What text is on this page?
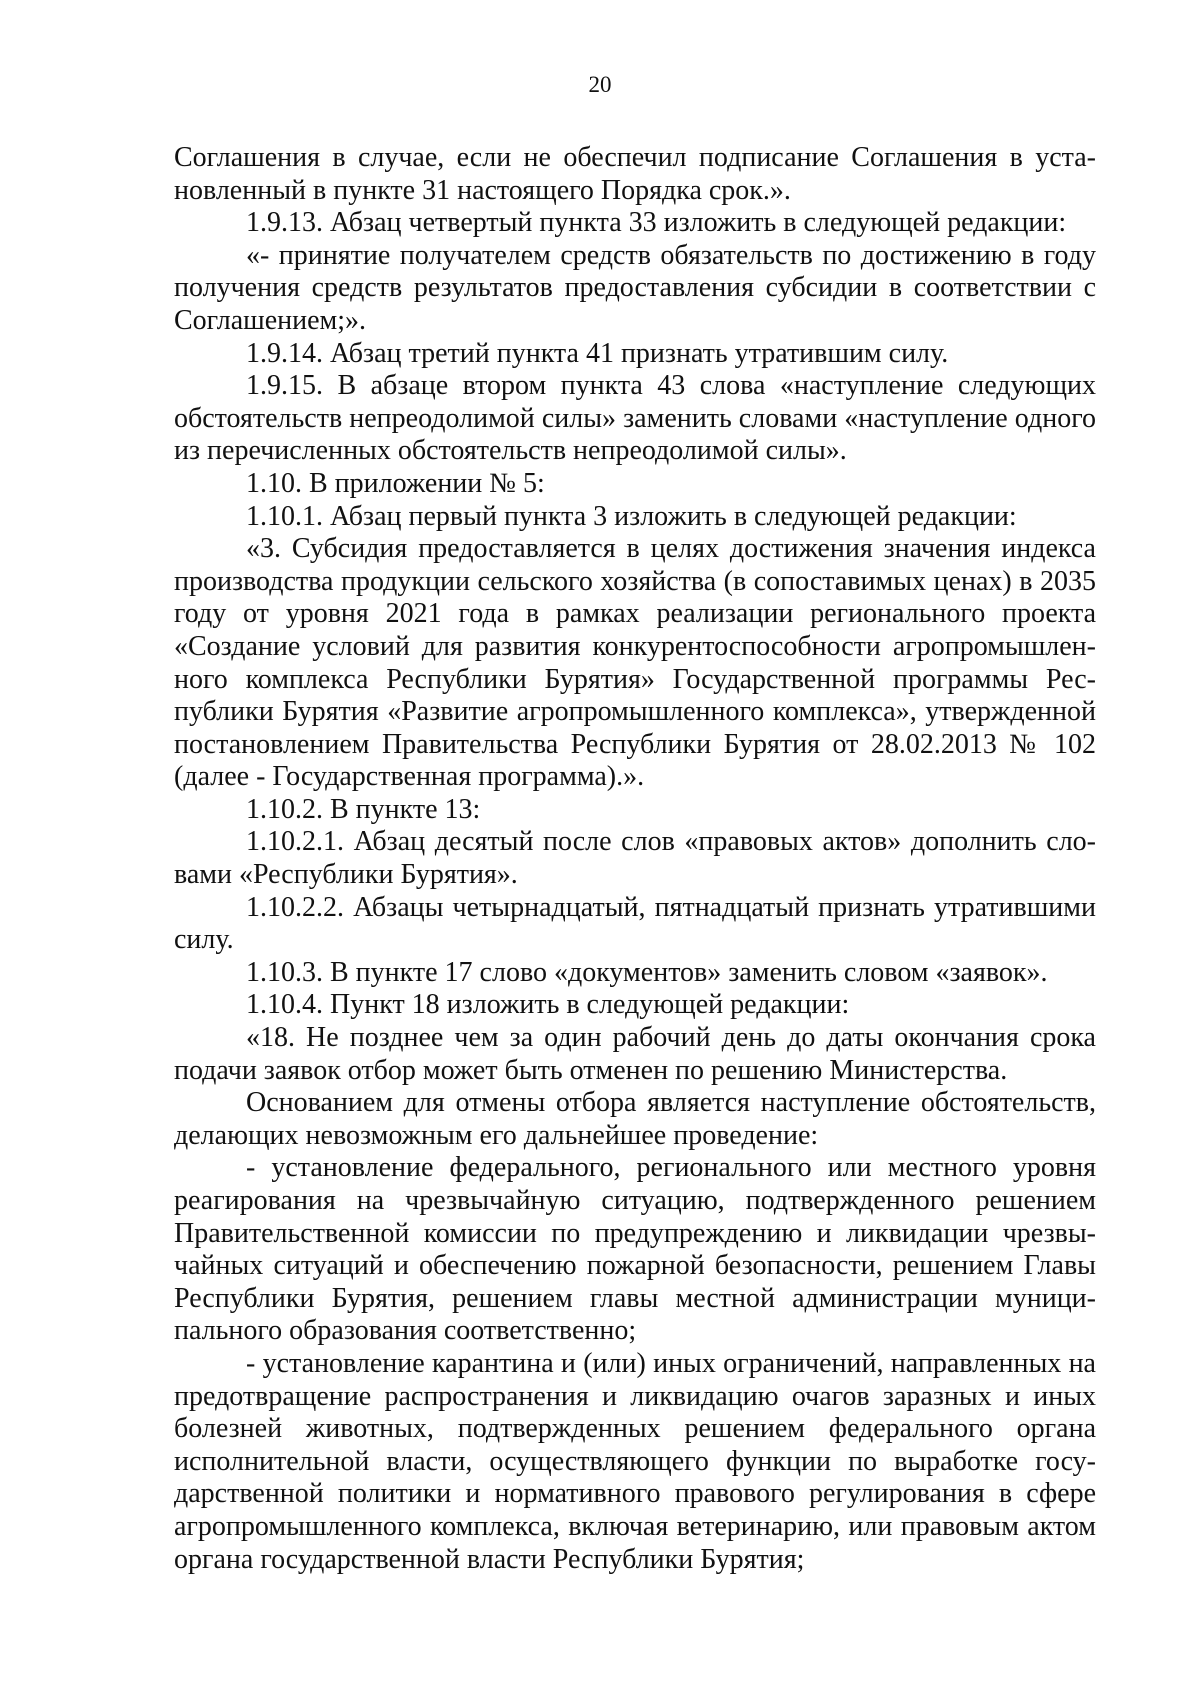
20

Соглашения в случае, если не обеспечил подписание Соглашения в установленный в пункте 31 настоящего Порядка срок.».

1.9.13. Абзац четвертый пункта 33 изложить в следующей редакции:

«- принятие получателем средств обязательств по достижению в году получения средств результатов предоставления субсидии в соответствии с Соглашением;».

1.9.14. Абзац третий пункта 41 признать утратившим силу.

1.9.15. В абзаце втором пункта 43 слова «наступление следующих обстоятельств непреодолимой силы» заменить словами «наступление одного из перечисленных обстоятельств непреодолимой силы».

1.10. В приложении № 5:

1.10.1. Абзац первый пункта 3 изложить в следующей редакции:

«3. Субсидия предоставляется в целях достижения значения индекса производства продукции сельского хозяйства (в сопоставимых ценах) в 2035 году от уровня 2021 года в рамках реализации регионального проекта «Создание условий для развития конкурентоспособности агропромышленного комплекса Республики Бурятия» Государственной программы Республики Бурятия «Развитие агропромышленного комплекса», утвержденной постановлением Правительства Республики Бурятия от 28.02.2013 № 102 (далее - Государственная программа).».

1.10.2. В пункте 13:

1.10.2.1. Абзац десятый после слов «правовых актов» дополнить словами «Республики Бурятия».

1.10.2.2. Абзацы четырнадцатый, пятнадцатый признать утратившими силу.

1.10.3. В пункте 17 слово «документов» заменить словом «заявок».

1.10.4. Пункт 18 изложить в следующей редакции:

«18. Не позднее чем за один рабочий день до даты окончания срока подачи заявок отбор может быть отменен по решению Министерства.

Основанием для отмены отбора является наступление обстоятельств, делающих невозможным его дальнейшее проведение:

- установление федерального, регионального или местного уровня реагирования на чрезвычайную ситуацию, подтвержденного решением Правительственной комиссии по предупреждению и ликвидации чрезвычайных ситуаций и обеспечению пожарной безопасности, решением Главы Республики Бурятия, решением главы местной администрации муниципального образования соответственно;

- установление карантина и (или) иных ограничений, направленных на предотвращение распространения и ликвидацию очагов заразных и иных болезней животных, подтвержденных решением федерального органа исполнительной власти, осуществляющего функции по выработке государственной политики и нормативного правового регулирования в сфере агропромышленного комплекса, включая ветеринарию, или правовым актом органа государственной власти Республики Бурятия;
